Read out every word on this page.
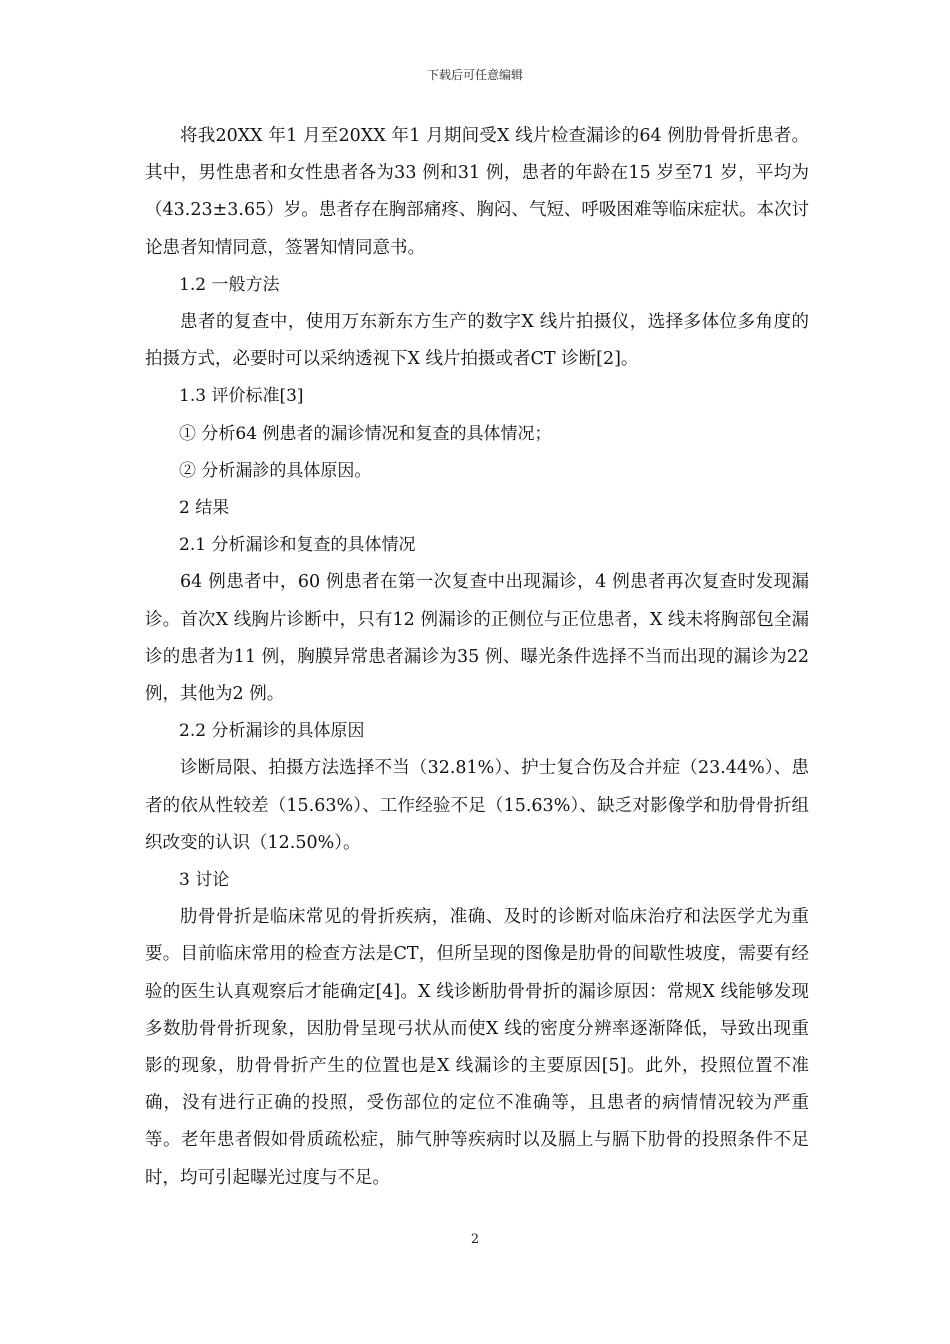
下载后可任意编辑

将我20XX 年1 月至20XX 年1 月期间受X 线片检查漏诊的64 例肋骨骨折患者。其中，男性患者和女性患者各为33 例和31 例，患者的年龄在15 岁至71 岁，平均为（43.23±3.65）岁。患者存在胸部痛疼、胸闷、气短、呼吸困难等临床症状。本次讨论患者知情同意，签署知情同意书。

1.2 一般方法

患者的复查中，使用万东新东方生产的数字X 线片拍摄仪，选择多体位多角度的拍摄方式，必要时可以采纳透视下X 线片拍摄或者CT 诊断[2]。

1.3 评价标准[3]

① 分析64 例患者的漏诊情况和复查的具体情况；

② 分析漏診的具体原因。

2 结果

2.1 分析漏诊和复查的具体情况

64 例患者中，60 例患者在第一次复查中出现漏诊，4 例患者再次复查时发现漏诊。首次X 线胸片诊断中，只有12 例漏诊的正侧位与正位患者，X 线未将胸部包全漏诊的患者为11 例，胸膜异常患者漏诊为35 例、曝光条件选择不当而出现的漏诊为22 例，其他为2 例。

2.2 分析漏诊的具体原因

诊断局限、拍摄方法选择不当（32.81%）、护士复合伤及合并症（23.44%）、患者的依从性较差（15.63%）、工作经验不足（15.63%）、缺乏对影像学和肋骨骨折组织改变的认识（12.50%）。

3 讨论

肋骨骨折是临床常见的骨折疾病，准确、及时的诊断对临床治疗和法医学尤为重要。目前临床常用的检查方法是CT，但所呈现的图像是肋骨的间歇性坡度，需要有经验的医生认真观察后才能确定[4]。X 线诊断肋骨骨折的漏诊原因：常规X 线能够发现多数肋骨骨折现象，因肋骨呈现弓状从而使X 线的密度分辨率逐渐降低，导致出现重影的现象，肋骨骨折产生的位置也是X 线漏诊的主要原因[5]。此外，投照位置不准确，没有进行正确的投照，受伤部位的定位不准确等，且患者的病情情况较为严重等。老年患者假如骨质疏松症，肺气肿等疾病时以及膈上与膈下肋骨的投照条件不足时，均可引起曝光过度与不足。

2
